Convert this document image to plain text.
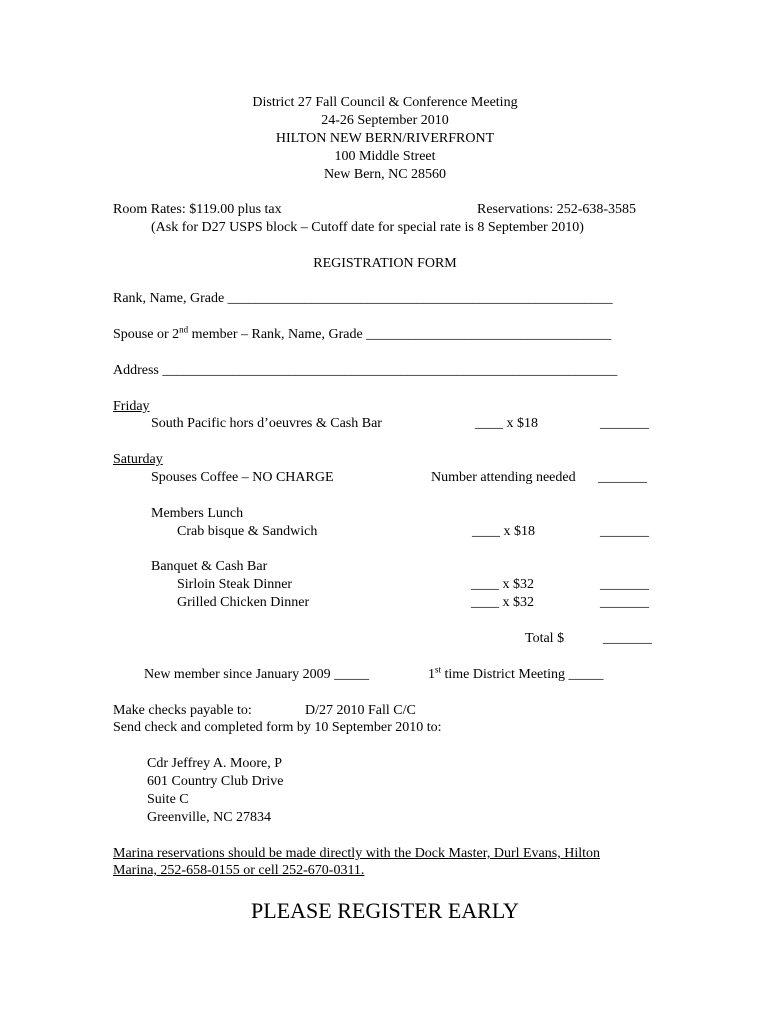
District 27 Fall Council & Conference Meeting
24-26 September 2010
HILTON NEW BERN/RIVERFRONT
100 Middle Street
New Bern, NC 28560
Room Rates: $119.00 plus tax	Reservations: 252-638-3585
(Ask for D27 USPS block – Cutoff date for special rate is 8 September 2010)
REGISTRATION FORM
Rank, Name, Grade _______________________________________________________
Spouse or 2nd member – Rank, Name, Grade ___________________________________
Address _________________________________________________________________
Friday
South Pacific hors d’oeuvres & Cash Bar	____ x $18	_______
Saturday
Spouses Coffee – NO CHARGE	Number attending needed _______
Members Lunch
Crab bisque & Sandwich	____ x $18	_______
Banquet & Cash Bar
Sirloin Steak Dinner	____ x $32	_______
Grilled Chicken Dinner	____ x $32	_______
Total $	_______
New member since January 2009 _____	1st time District Meeting _____
Make checks payable to:	D/27 2010 Fall C/C
Send check and completed form by 10 September 2010 to:
Cdr Jeffrey A. Moore, P
601 Country Club Drive
Suite C
Greenville, NC 27834
Marina reservations should be made directly with the Dock Master, Durl Evans, Hilton
Marina, 252-658-0155 or cell 252-670-0311.
PLEASE REGISTER EARLY
